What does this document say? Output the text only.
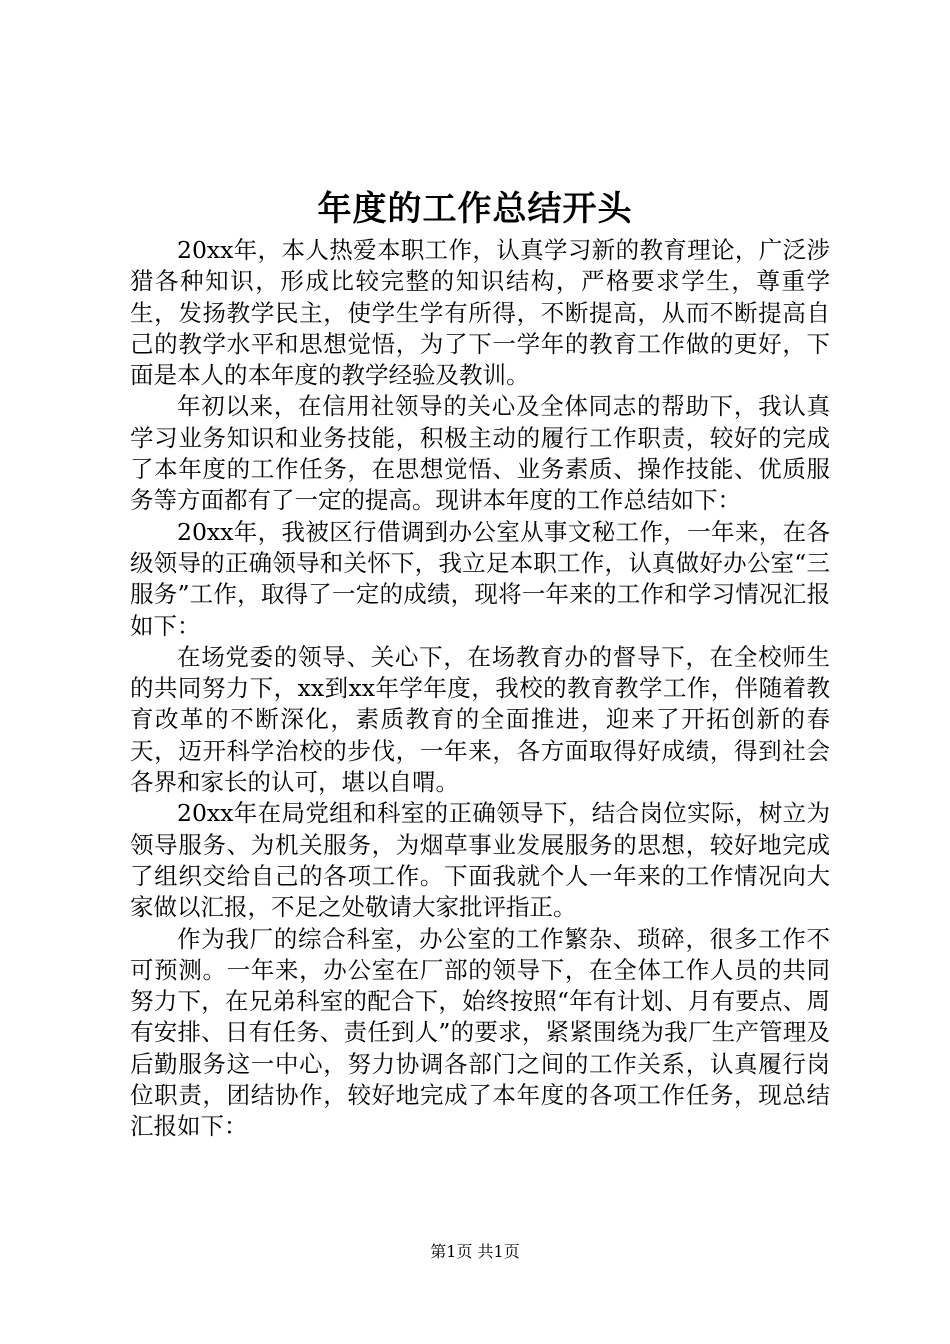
年度的工作总结开头

20xx年，本人热爱本职工作，认真学习新的教育理论，广泛涉猎各种知识，形成比较完整的知识结构，严格要求学生，尊重学生，发扬教学民主，使学生学有所得，不断提高，从而不断提高自己的教学水平和思想觉悟，为了下一学年的教育工作做的更好，下面是本人的本年度的教学经验及教训。

年初以来，在信用社领导的关心及全体同志的帮助下，我认真学习业务知识和业务技能，积极主动的履行工作职责，较好的完成了本年度的工作任务，在思想觉悟、业务素质、操作技能、优质服务等方面都有了一定的提高。现讲本年度的工作总结如下：

20xx年，我被区行借调到办公室从事文秘工作，一年来，在各级领导的正确领导和关怀下，我立足本职工作，认真做好办公室“三服务”工作，取得了一定的成绩，现将一年来的工作和学习情况汇报如下：

在场党委的领导、关心下，在场教育办的督导下，在全校师生的共同努力下，xx到xx年学年度，我校的教育教学工作，伴随着教育改革的不断深化，素质教育的全面推进，迎来了开拓创新的春天，迈开科学治校的步伐，一年来，各方面取得好成绩，得到社会各界和家长的认可，堪以自喟。

20xx年在局党组和科室的正确领导下，结合岗位实际，树立为领导服务、为机关服务，为烟草事业发展服务的思想，较好地完成了组织交给自己的各项工作。下面我就个人一年来的工作情况向大家做以汇报，不足之处敬请大家批评指正。

作为我厂的综合科室，办公室的工作繁杂、琐碎，很多工作不可预测。一年来，办公室在厂部的领导下，在全体工作人员的共同努力下，在兄弟科室的配合下，始终按照“年有计划、月有要点、周有安排、日有任务、责任到人”的要求，紧紧围绕为我厂生产管理及后勤服务这一中心，努力协调各部门之间的工作关系，认真履行岗位职责，团结协作，较好地完成了本年度的各项工作任务，现总结汇报如下：

第1页 共1页
